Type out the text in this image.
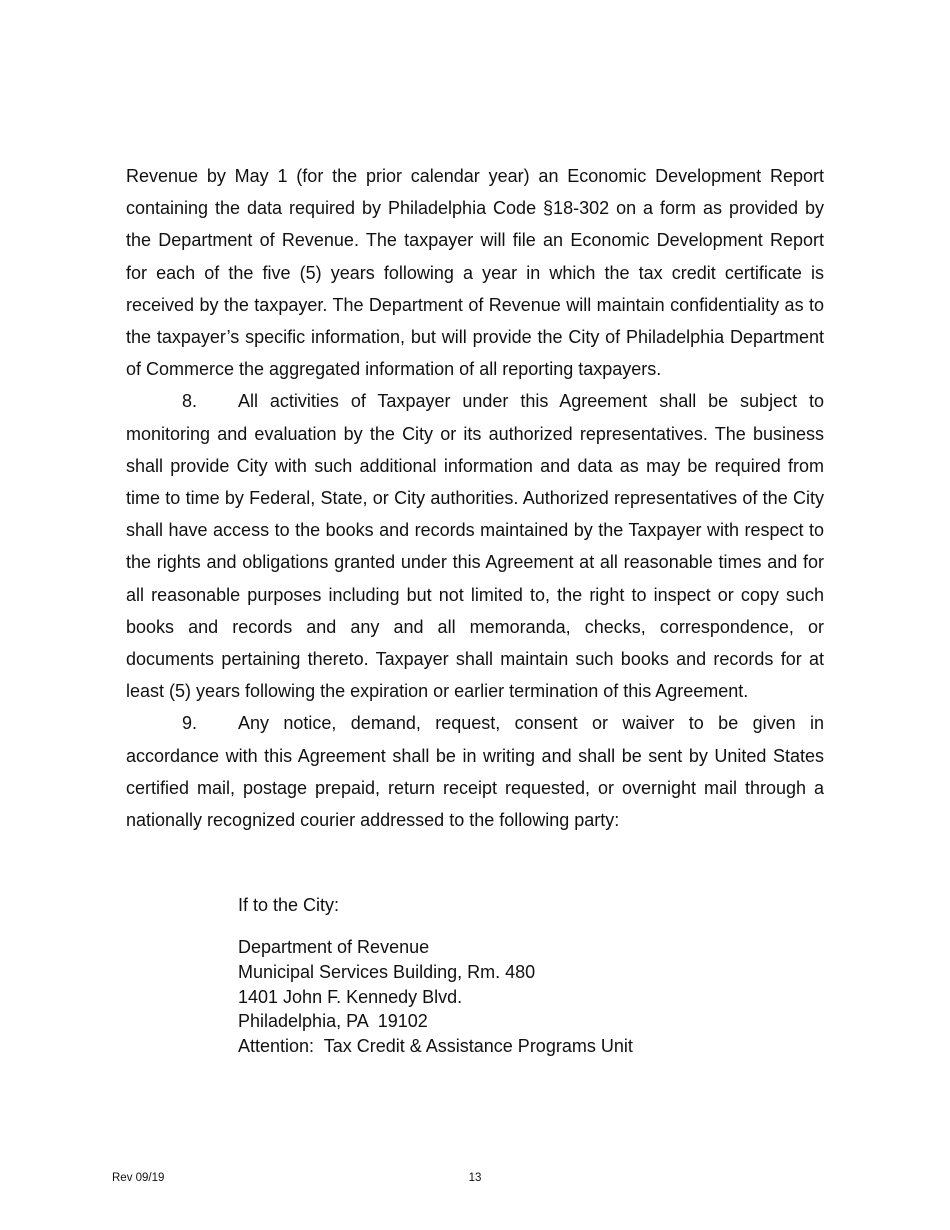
Revenue by May 1 (for the prior calendar year) an Economic Development Report containing the data required by Philadelphia Code §18-302 on a form as provided by the Department of Revenue. The taxpayer will file an Economic Development Report for each of the five (5) years following a year in which the tax credit certificate is received by the taxpayer. The Department of Revenue will maintain confidentiality as to the taxpayer’s specific information, but will provide the City of Philadelphia Department of Commerce the aggregated information of all reporting taxpayers.

8. All activities of Taxpayer under this Agreement shall be subject to monitoring and evaluation by the City or its authorized representatives. The business shall provide City with such additional information and data as may be required from time to time by Federal, State, or City authorities. Authorized representatives of the City shall have access to the books and records maintained by the Taxpayer with respect to the rights and obligations granted under this Agreement at all reasonable times and for all reasonable purposes including but not limited to, the right to inspect or copy such books and records and any and all memoranda, checks, correspondence, or documents pertaining thereto. Taxpayer shall maintain such books and records for at least (5) years following the expiration or earlier termination of this Agreement.

9. Any notice, demand, request, consent or waiver to be given in accordance with this Agreement shall be in writing and shall be sent by United States certified mail, postage prepaid, return receipt requested, or overnight mail through a nationally recognized courier addressed to the following party:

If to the City:

Department of Revenue

Municipal Services Building, Rm. 480

1401 John F. Kennedy Blvd.

Philadelphia, PA  19102

Attention:  Tax Credit & Assistance Programs Unit

Rev 09/19	13
